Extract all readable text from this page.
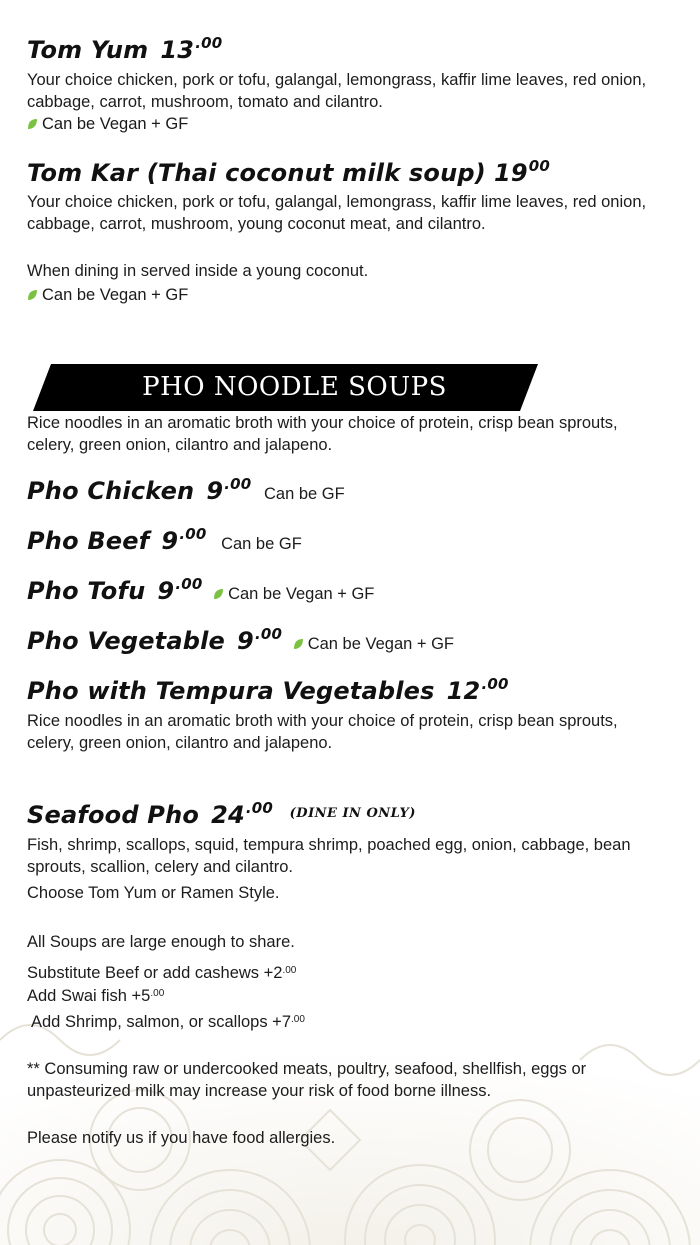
Tom Yum $13^{.00}$
Your choice chicken, pork or tofu, galangal, lemongrass, kaffir lime leaves, red onion, cabbage, carrot, mushroom, tomato and cilantro.
Can be Vegan + GF
Tom Kar (Thai coconut milk soup) $19^{00}$
Your choice chicken, pork or tofu, galangal, lemongrass, kaffir lime leaves, red onion, cabbage, carrot, mushroom, young coconut meat, and cilantro.
When dining in served inside a young coconut.
Can be Vegan + GF
PHO NOODLE SOUPS
Rice noodles in an aromatic broth with your choice of protein, crisp bean sprouts, celery, green onion, cilantro and jalapeno.
Pho Chicken $9^{.00}$ Can be GF
Pho Beef $9^{.00}$ Can be GF
Pho Tofu $9^{.00}$ Can be Vegan + GF
Pho Vegetable $9^{.00}$ Can be Vegan + GF
Pho with Tempura Vegetables $12^{.00}$
Rice noodles in an aromatic broth with your choice of protein, crisp bean sprouts, celery, green onion, cilantro and jalapeno.
Seafood Pho $24^{.00}$ $^{(DINE IN ONLY)}$
Fish, shrimp, scallops, squid, tempura shrimp, poached egg, onion, cabbage, bean sprouts, scallion, celery and cilantro.
Choose Tom Yum or Ramen Style.
All Soups are large enough to share.
Substitute Beef or add cashews $+2^{.00}$
Add Swai fish $+5^{.00}$
Add Shrimp, salmon, or scallops $+7^{.00}$
** Consuming raw or undercooked meats, poultry, seafood, shellfish, eggs or unpasteurized milk may increase your risk of food borne illness.
Please notify us if you have food allergies.
